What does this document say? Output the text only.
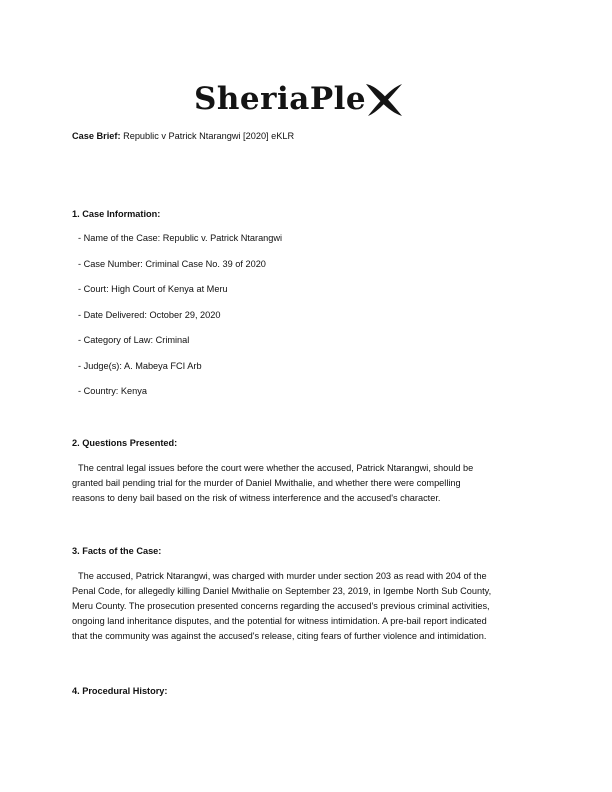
SheriaPle
Case Brief: Republic v Patrick Ntarangwi [2020] eKLR
1. Case Information:
- Name of the Case: Republic v. Patrick Ntarangwi
- Case Number: Criminal Case No. 39 of 2020
- Court: High Court of Kenya at Meru
- Date Delivered: October 29, 2020
- Category of Law: Criminal
- Judge(s): A. Mabeya FCI Arb
- Country: Kenya
2. Questions Presented:
The central legal issues before the court were whether the accused, Patrick Ntarangwi, should be
granted bail pending trial for the murder of Daniel Mwithalie, and whether there were compelling
reasons to deny bail based on the risk of witness interference and the accused's character.
3. Facts of the Case:
The accused, Patrick Ntarangwi, was charged with murder under section 203 as read with 204 of the
Penal Code, for allegedly killing Daniel Mwithalie on September 23, 2019, in Igembe North Sub County,
Meru County. The prosecution presented concerns regarding the accused's previous criminal activities,
ongoing land inheritance disputes, and the potential for witness intimidation. A pre-bail report indicated
that the community was against the accused's release, citing fears of further violence and intimidation.
4. Procedural History:
